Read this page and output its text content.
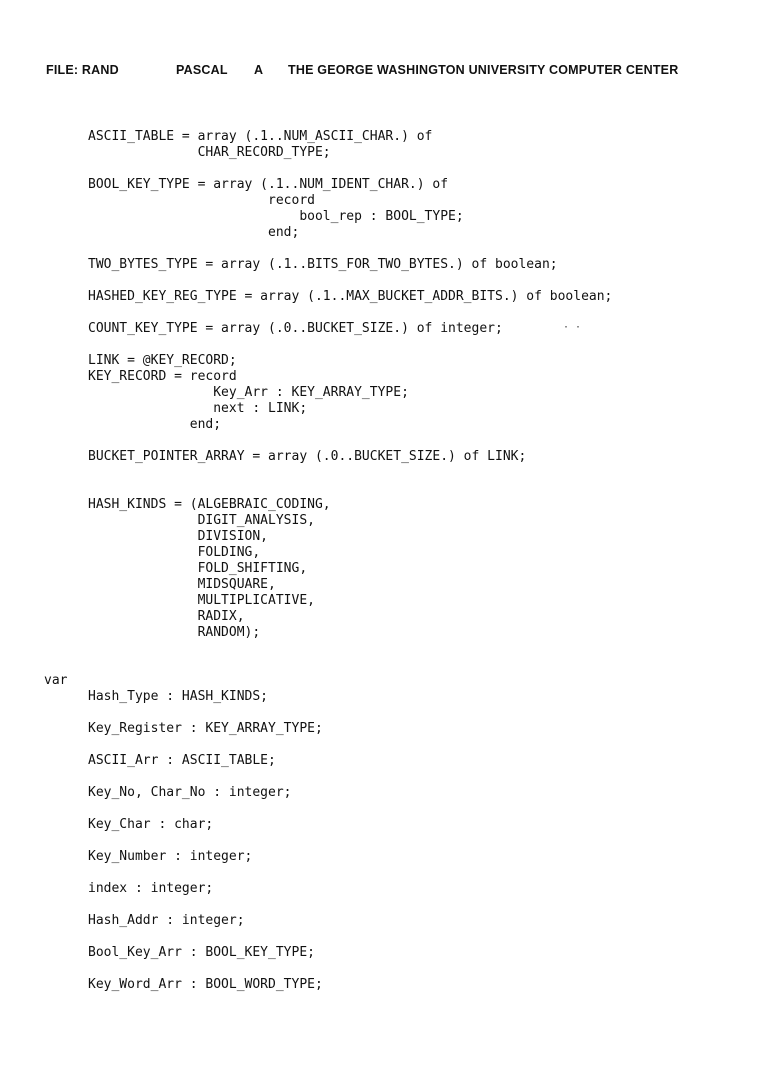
FILE: RAND	PASCAL A THE GEORGE WASHINGTON UNIVERSITY COMPUTER CENTER
ASCII_TABLE = array (.1..NUM_ASCII_CHAR.) of
CHAR_RECORD_TYPE;
BOOL_KEY_TYPE = array (.1..NUM_IDENT_CHAR.) of
record
bool_rep : BOOL_TYPE;
end;
TWO_BYTES_TYPE = array (.1..BITS_FOR_TWO_BYTES.) of boolean;
HASHED_KEY_REG_TYPE = array (.1..MAX_BUCKET_ADDR_BITS.) of boolean;
COUNT_KEY_TYPE = array (.0..BUCKET_SIZE.) of integer;	· ·
LINK = @KEY_RECORD;
KEY_RECORD = record
Key_Arr : KEY_ARRAY_TYPE;
next : LINK;
end;
BUCKET_POINTER_ARRAY = array (.0..BUCKET_SIZE.) of LINK;
HASH_KINDS = (ALGEBRAIC_CODING,
DIGIT_ANALYSIS,
DIVISION,
FOLDING,
FOLD_SHIFTING,
MIDSQUARE,
MULTIPLICATIVE,
RADIX,
RANDOM);
var
Hash_Type : HASH_KINDS;
Key_Register : KEY_ARRAY_TYPE;
ASCII_Arr : ASCII_TABLE;
Key_No, Char_No : integer;
Key_Char : char;
Key_Number : integer;
index : integer;
Hash_Addr : integer;
Bool_Key_Arr : BOOL_KEY_TYPE;
Key_Word_Arr : BOOL_WORD_TYPE;
